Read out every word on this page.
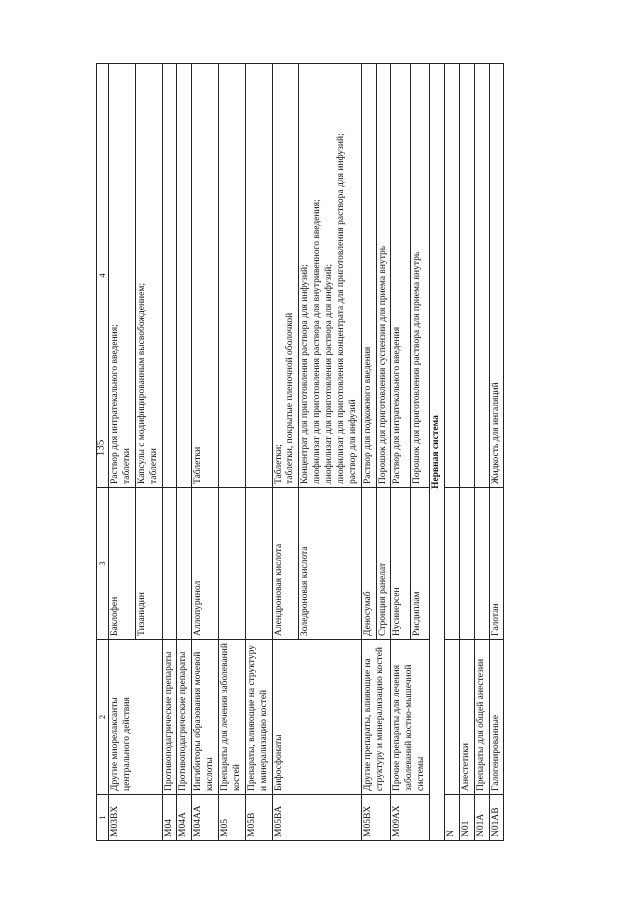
135
1	2	3	4
M03BX	Другие миорелаксанты центрального действия	Баклофен	Раствор для интратекального введения; таблетки

		Тизанидин	Капсулы с модифицированным высвобождением; таблетки

M04	Противоподагрические препараты		
M04A	Противоподагрические препараты		
M04AA	Ингибиторы образования мочевой кислоты	Аллопуринол	Таблетки

M05	Препараты для лечения заболеваний костей		
M05B	Препараты, влияющие на структуру и минерализацию костей		
M05BA	Бифосфонаты	Алендроновая кислота	Таблетки; таблетки, покрытые пленочной оболочкой

		Золедроновая кислота	Концентрат для приготовления раствора для инфузий; лиофилизат для приготовления раствора для внутривенного введения; лиофилизат для приготовления раствора для инфузий; лиофилизат для приготовления концентрата для приготовления раствора для инфузий; раствор для инфузий

M05BX	Другие препараты, влияющие на структуру и минерализацию костей	Деносумаб	Раствор для подкожного введения

		Стронция ранелат	Порошок для приготовления суспензии для приема внутрь

M09AX	Прочие препараты для лечения заболеваний костно-мышечной системы	Нусинерсен	Раствор для интратекального введения

		Рисдиплам	Порошок для приготовления раствора для приема внутрь

Нервная система			
N			
N01	Анестетики		
N01A	Препараты для общей анестезии		
N01AB	Галогенированные	Галотан	Жидкость для ингаляций
